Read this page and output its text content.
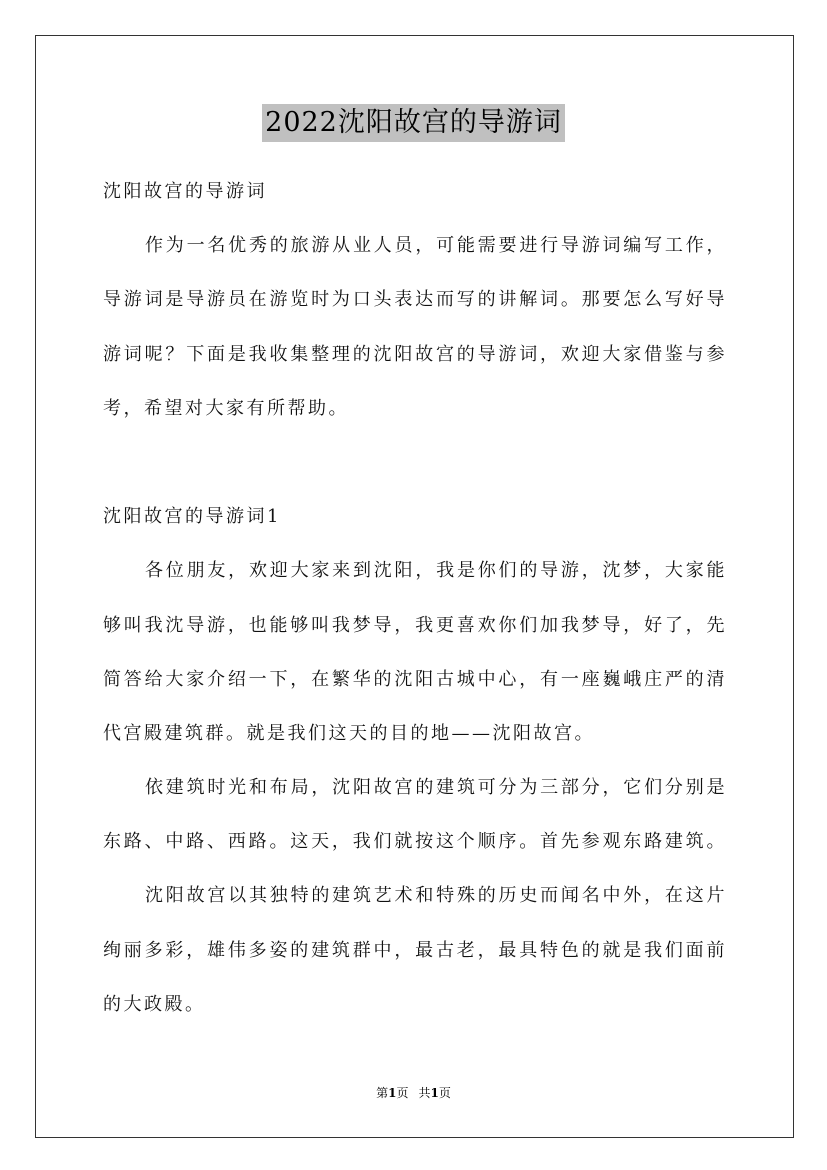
2022沈阳故宫的导游词
沈阳故宫的导游词
作为一名优秀的旅游从业人员，可能需要进行导游词编写工作，
导游词是导游员在游览时为口头表达而写的讲解词。那要怎么写好导
游词呢？下面是我收集整理的沈阳故宫的导游词，欢迎大家借鉴与参
考，希望对大家有所帮助。
沈阳故宫的导游词1
各位朋友，欢迎大家来到沈阳，我是你们的导游，沈梦，大家能
够叫我沈导游，也能够叫我梦导，我更喜欢你们加我梦导，好了，先
简答给大家介绍一下，在繁华的沈阳古城中心，有一座巍峨庄严的清
代宫殿建筑群。就是我们这天的目的地——沈阳故宫。
依建筑时光和布局，沈阳故宫的建筑可分为三部分，它们分别是
东路、中路、西路。这天，我们就按这个顺序。首先参观东路建筑。
沈阳故宫以其独特的建筑艺术和特殊的历史而闻名中外，在这片
绚丽多彩，雄伟多姿的建筑群中，最古老，最具特色的就是我们面前
的大政殿。
第1页 共1页
